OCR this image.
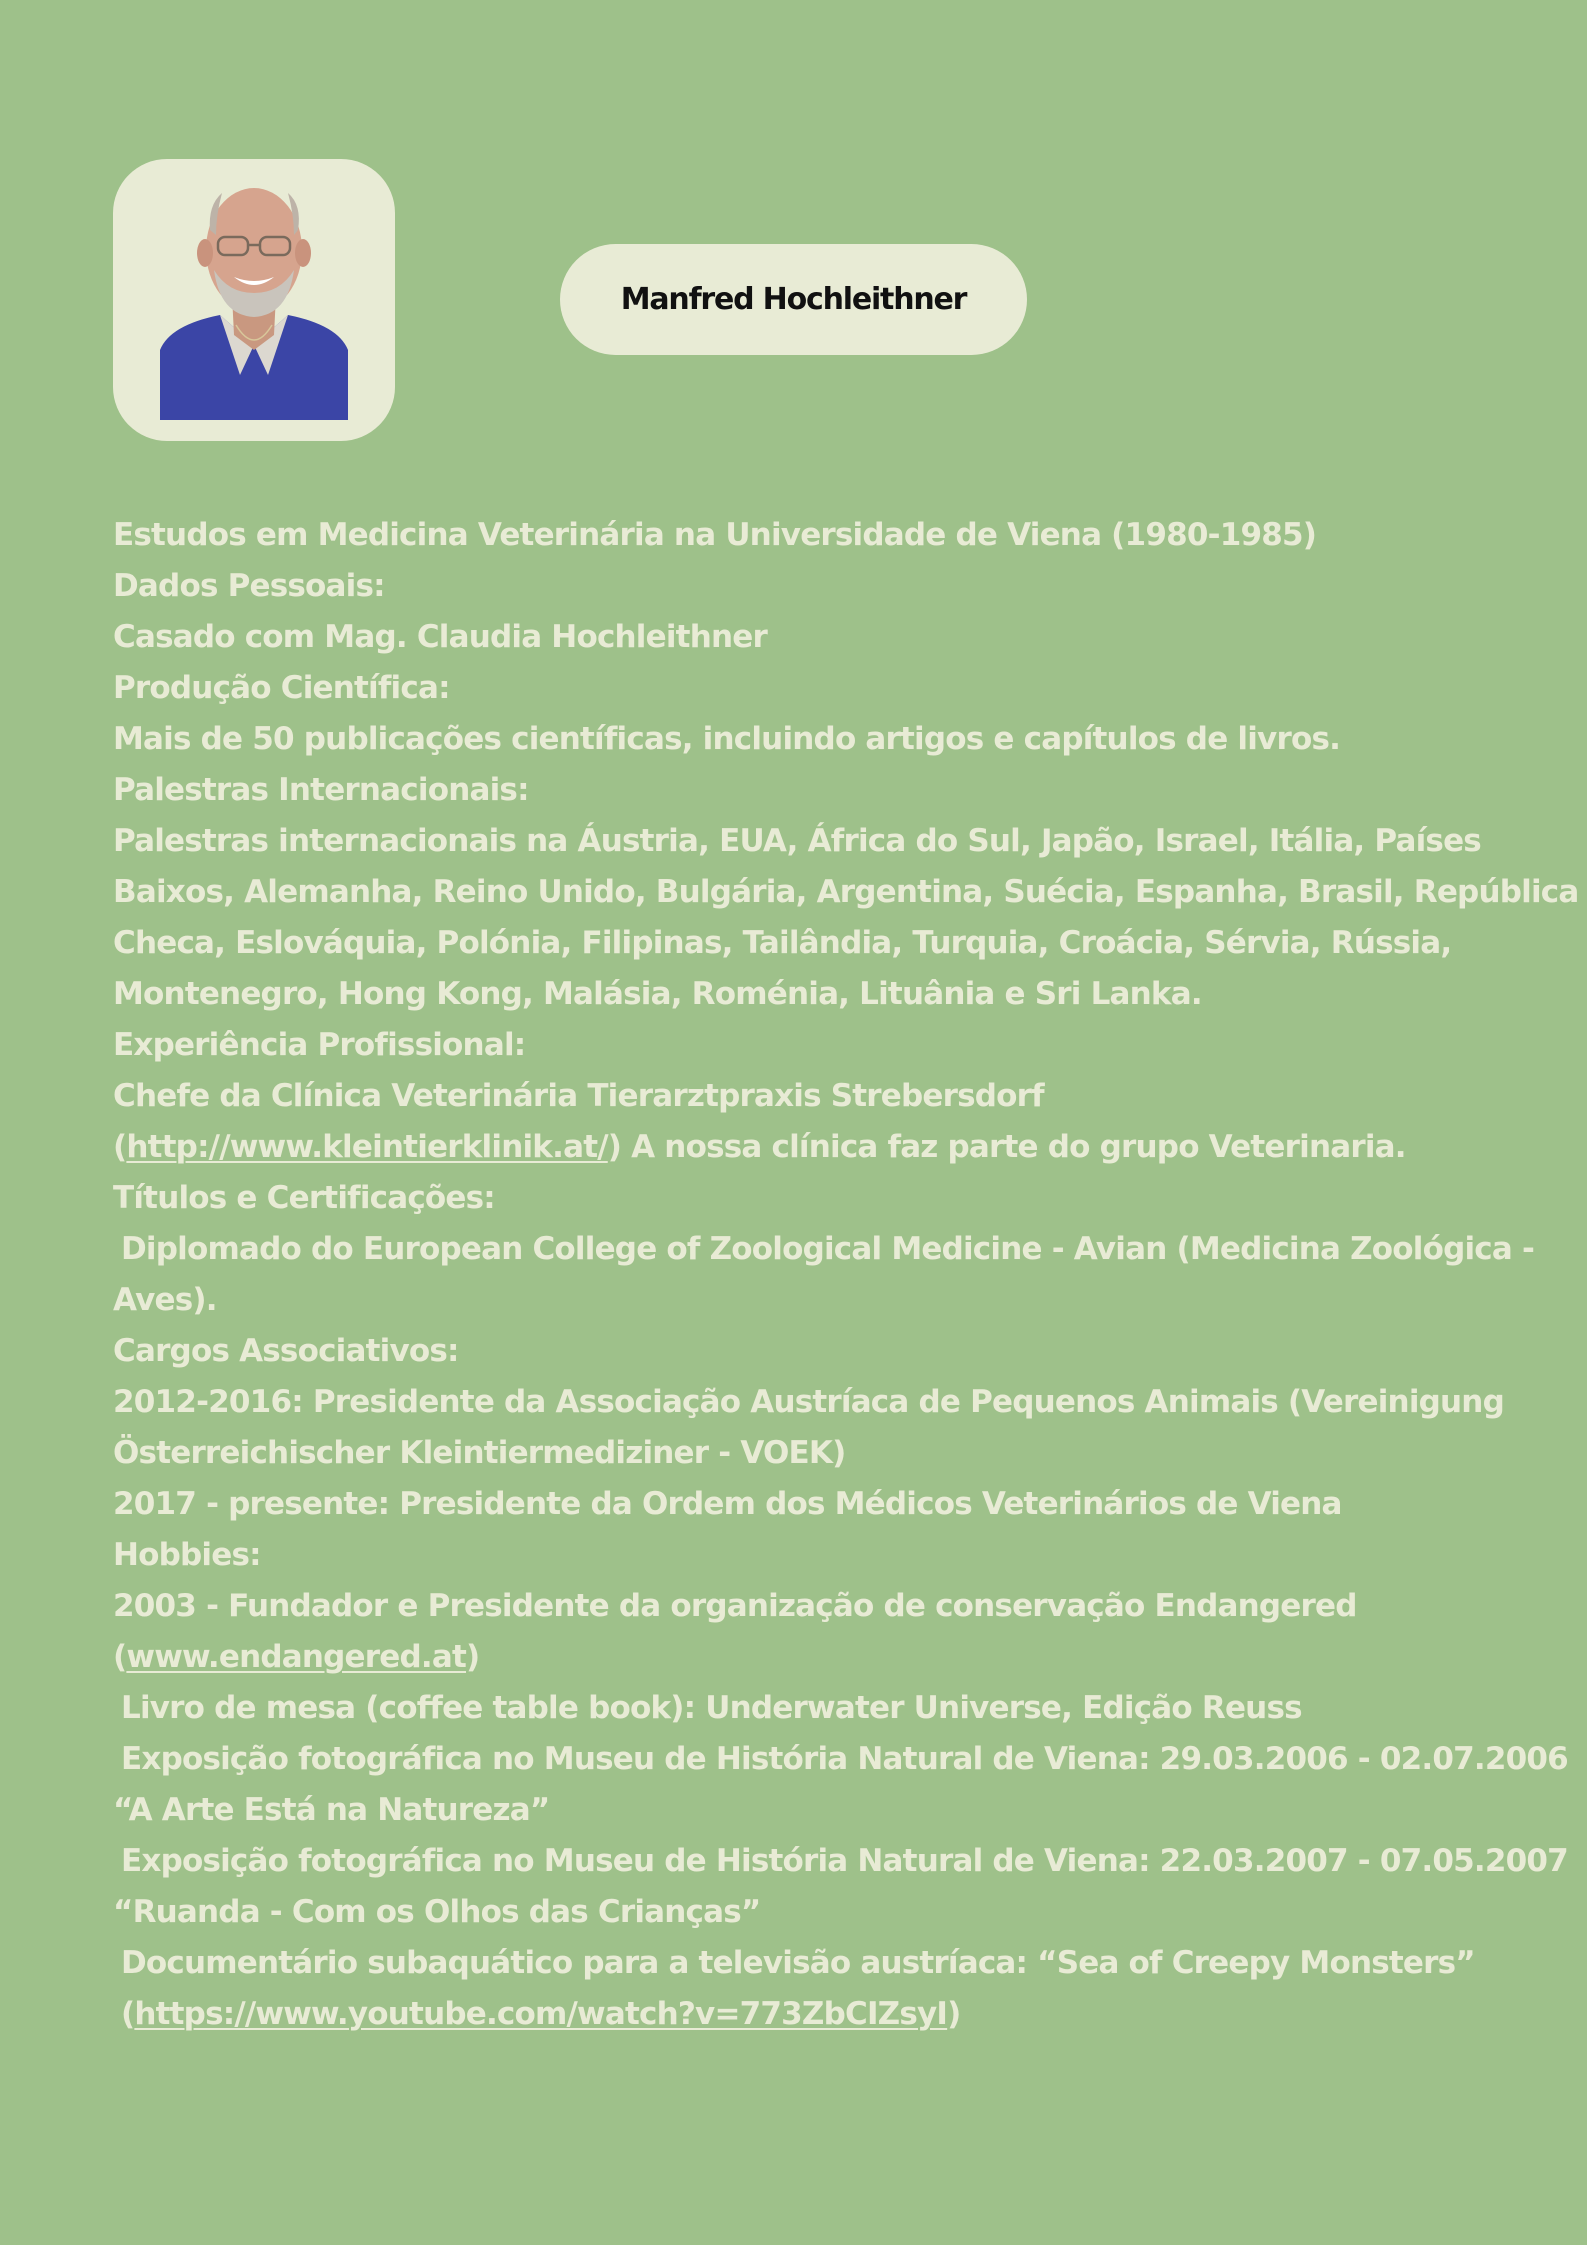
Manfred Hochleithner
Estudos em Medicina Veterinária na Universidade de Viena (1980-1985)
Dados Pessoais:
Casado com Mag. Claudia Hochleithner
Produção Científica:
Mais de 50 publicações científicas, incluindo artigos e capítulos de livros.
Palestras Internacionais:
Palestras internacionais na Áustria, EUA, África do Sul, Japão, Israel, Itália, Países
Baixos, Alemanha, Reino Unido, Bulgária, Argentina, Suécia, Espanha, Brasil, República
Checa, Eslováquia, Polónia, Filipinas, Tailândia, Turquia, Croácia, Sérvia, Rússia,
Montenegro, Hong Kong, Malásia, Roménia, Lituânia e Sri Lanka.
Experiência Profissional:
Chefe da Clínica Veterinária Tierarztpraxis Strebersdorf
(http://www.kleintierklinik.at/) A nossa clínica faz parte do grupo Veterinaria.
Títulos e Certificações:
Diplomado do European College of Zoological Medicine - Avian (Medicina Zoológica -
Aves).
Cargos Associativos:
2012-2016: Presidente da Associação Austríaca de Pequenos Animais (Vereinigung
Österreichischer Kleintiermediziner - VOEK)
2017 - presente: Presidente da Ordem dos Médicos Veterinários de Viena
Hobbies:
2003 - Fundador e Presidente da organização de conservação Endangered
(www.endangered.at)
Livro de mesa (coffee table book): Underwater Universe, Edição Reuss
Exposição fotográfica no Museu de História Natural de Viena: 29.03.2006 - 02.07.2006
“A Arte Está na Natureza”
Exposição fotográfica no Museu de História Natural de Viena: 22.03.2007 - 07.05.2007
“Ruanda - Com os Olhos das Crianças”
Documentário subaquático para a televisão austríaca: “Sea of Creepy Monsters”
(https://www.youtube.com/watch?v=773ZbCIZsyI)
